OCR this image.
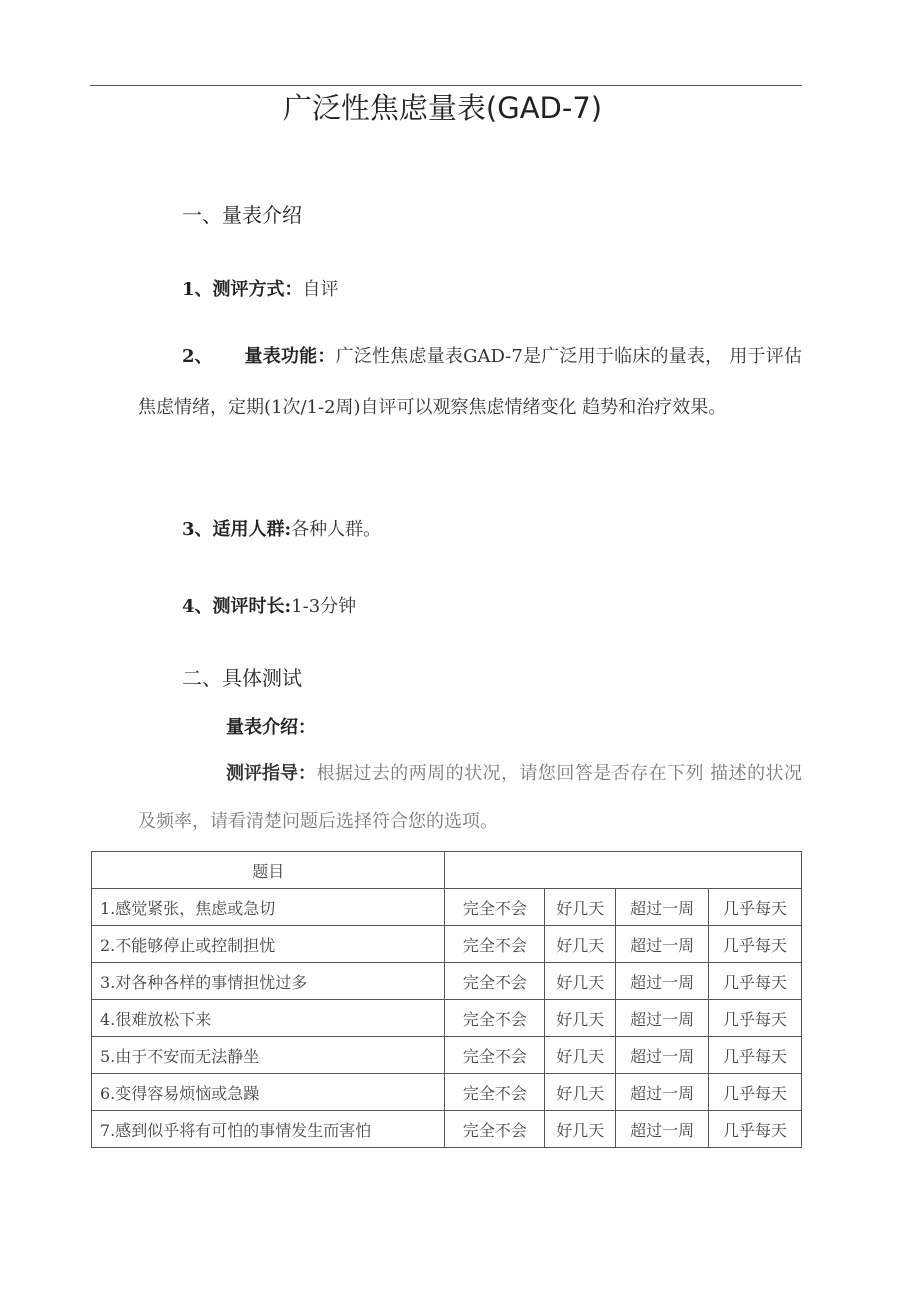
广泛性焦虑量表(GAD-7)
一、量表介绍
1、测评方式：自评
2、 量表功能：广泛性焦虑量表GAD-7是广泛用于临床的量表， 用于评估焦虑情绪，定期(1次/1-2周)自评可以观察焦虑情绪变化 趋势和治疗效果。
3、适用人群:各种人群。
4、测评时长:1-3分钟
二、具体测试
量表介绍：
测评指导：根据过去的两周的状况，请您回答是否存在下列 描述的状况及频率，请看清楚问题后选择符合您的选项。
题目				
1.感觉紧张，焦虑或急切	完全不会	好几天	超过一周	几乎每天
2.不能够停止或控制担忧	完全不会	好几天	超过一周	几乎每天
3.对各种各样的事情担忧过多	完全不会	好几天	超过一周	几乎每天
4.很难放松下来	完全不会	好几天	超过一周	几乎每天
5.由于不安而无法静坐	完全不会	好几天	超过一周	几乎每天
6.变得容易烦恼或急躁	完全不会	好几天	超过一周	几乎每天
7.感到似乎将有可怕的事情发生而害怕	完全不会	好几天	超过一周	几乎每天
